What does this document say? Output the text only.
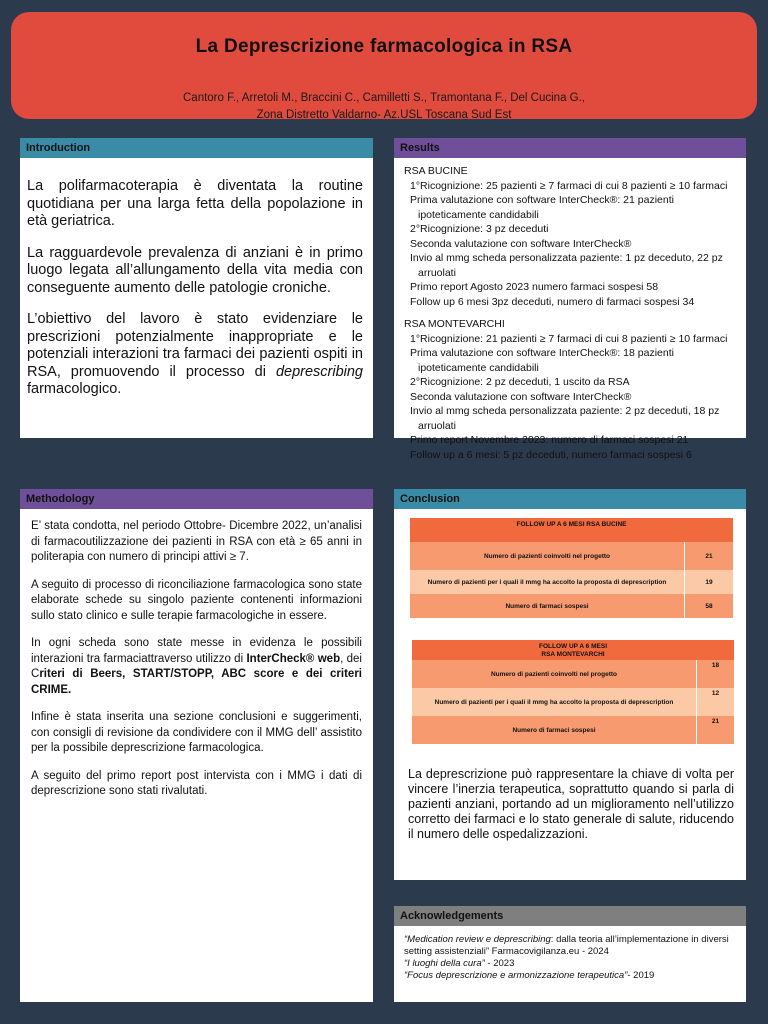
La Deprescrizione farmacologica in RSA
Cantoro F., Arretoli M., Braccini C., Camilletti S., Tramontana F., Del Cucina G.,
Zona Distretto Valdarno- Az.USL Toscana Sud Est
Introduction

La polifarmacoterapia è diventata la routine quotidiana per una larga fetta della popolazione in età geriatrica.

La ragguardevole prevalenza di anziani è in primo luogo legata all’allungamento della vita media con conseguente aumento delle patologie croniche.

L’obiettivo del lavoro è stato evidenziare le prescrizioni potenzialmente inappropriate e le potenziali interazioni tra farmaci dei pazienti ospiti in RSA, promuovendo il processo di deprescribing farmacologico.

Results
RSA BUCINE
1°Ricognizione: 25 pazienti ≥ 7 farmaci di cui 8 pazienti ≥ 10 farmaci
Prima valutazione con software InterCheck®: 21 pazienti
ipoteticamente candidabili
2°Ricognizione: 3 pz deceduti
Seconda valutazione con software InterCheck®
Invio al mmg scheda personalizzata paziente: 1 pz deceduto, 22 pz
arruolati
Primo report Agosto 2023 numero farmaci sospesi 58
Follow up 6 mesi 3pz deceduti, numero di farmaci sospesi 34
RSA MONTEVARCHI
1°Ricognizione: 21 pazienti ≥ 7 farmaci di cui 8 pazienti ≥ 10 farmaci
Prima valutazione con software InterCheck®: 18 pazienti
ipoteticamente candidabili
2°Ricognizione: 2 pz deceduti, 1 uscito da RSA
Seconda valutazione con software InterCheck®
Invio al mmg scheda personalizzata paziente: 2 pz deceduti, 18 pz
arruolati
Primo report Novembre 2023: numero di farmaci sospesi 21
Follow up a 6 mesi: 5 pz deceduti, numero farmaci sospesi 6
Methodology

E’ stata condotta, nel periodo Ottobre- Dicembre 2022, un’analisi di farmacoutilizzazione dei pazienti in RSA con età ≥ 65 anni in politerapia con numero di principi attivi ≥ 7.

A seguito di processo di riconciliazione farmacologica sono state elaborate schede su singolo paziente contenenti informazioni sullo stato clinico e sulle terapie farmacologiche in essere.

In ogni scheda sono state messe in evidenza le possibili interazioni tra farmaciattraverso utilizzo di InterCheck® web, dei Criteri di Beers, START/STOPP, ABC score e dei criteri CRIME.

Infine è stata inserita una sezione conclusioni e suggerimenti, con consigli di revisione da condividere con il MMG dell’ assistito per la possibile deprescrizione farmacologica.

A seguito del primo report post intervista con i MMG i dati di deprescrizione sono stati rivalutati.

Conclusion
FOLLOW UP A 6 MESI RSA BUCINE	
Numero di pazienti coinvolti nel progetto	21
Numero di pazienti per i quali il mmg ha accolto la proposta di deprescription	19
Numero di farmaci sospesi	58
FOLLOW UP A 6 MESI
RSA MONTEVARCHI	

Numero di pazienti coinvolti nel progetto	18
Numero di pazienti per i quali il mmg ha accolto la proposta di deprescription	12
Numero di farmaci sospesi	21

La deprescrizione può rappresentare la chiave di volta per vincere l’inerzia terapeutica, soprattutto quando si parla di pazienti anziani, portando ad un miglioramento nell’utilizzo corretto dei farmaci e lo stato generale di salute, riducendo il numero delle ospedalizzazioni.

Acknowledgements
“Medication review e deprescribing: dalla teoria all’implementazione in diversi setting assistenziali” Farmacovigilanza.eu - 2024
“I luoghi della cura” - 2023
“Focus deprescrizione e armonizzazione terapeutica”- 2019
